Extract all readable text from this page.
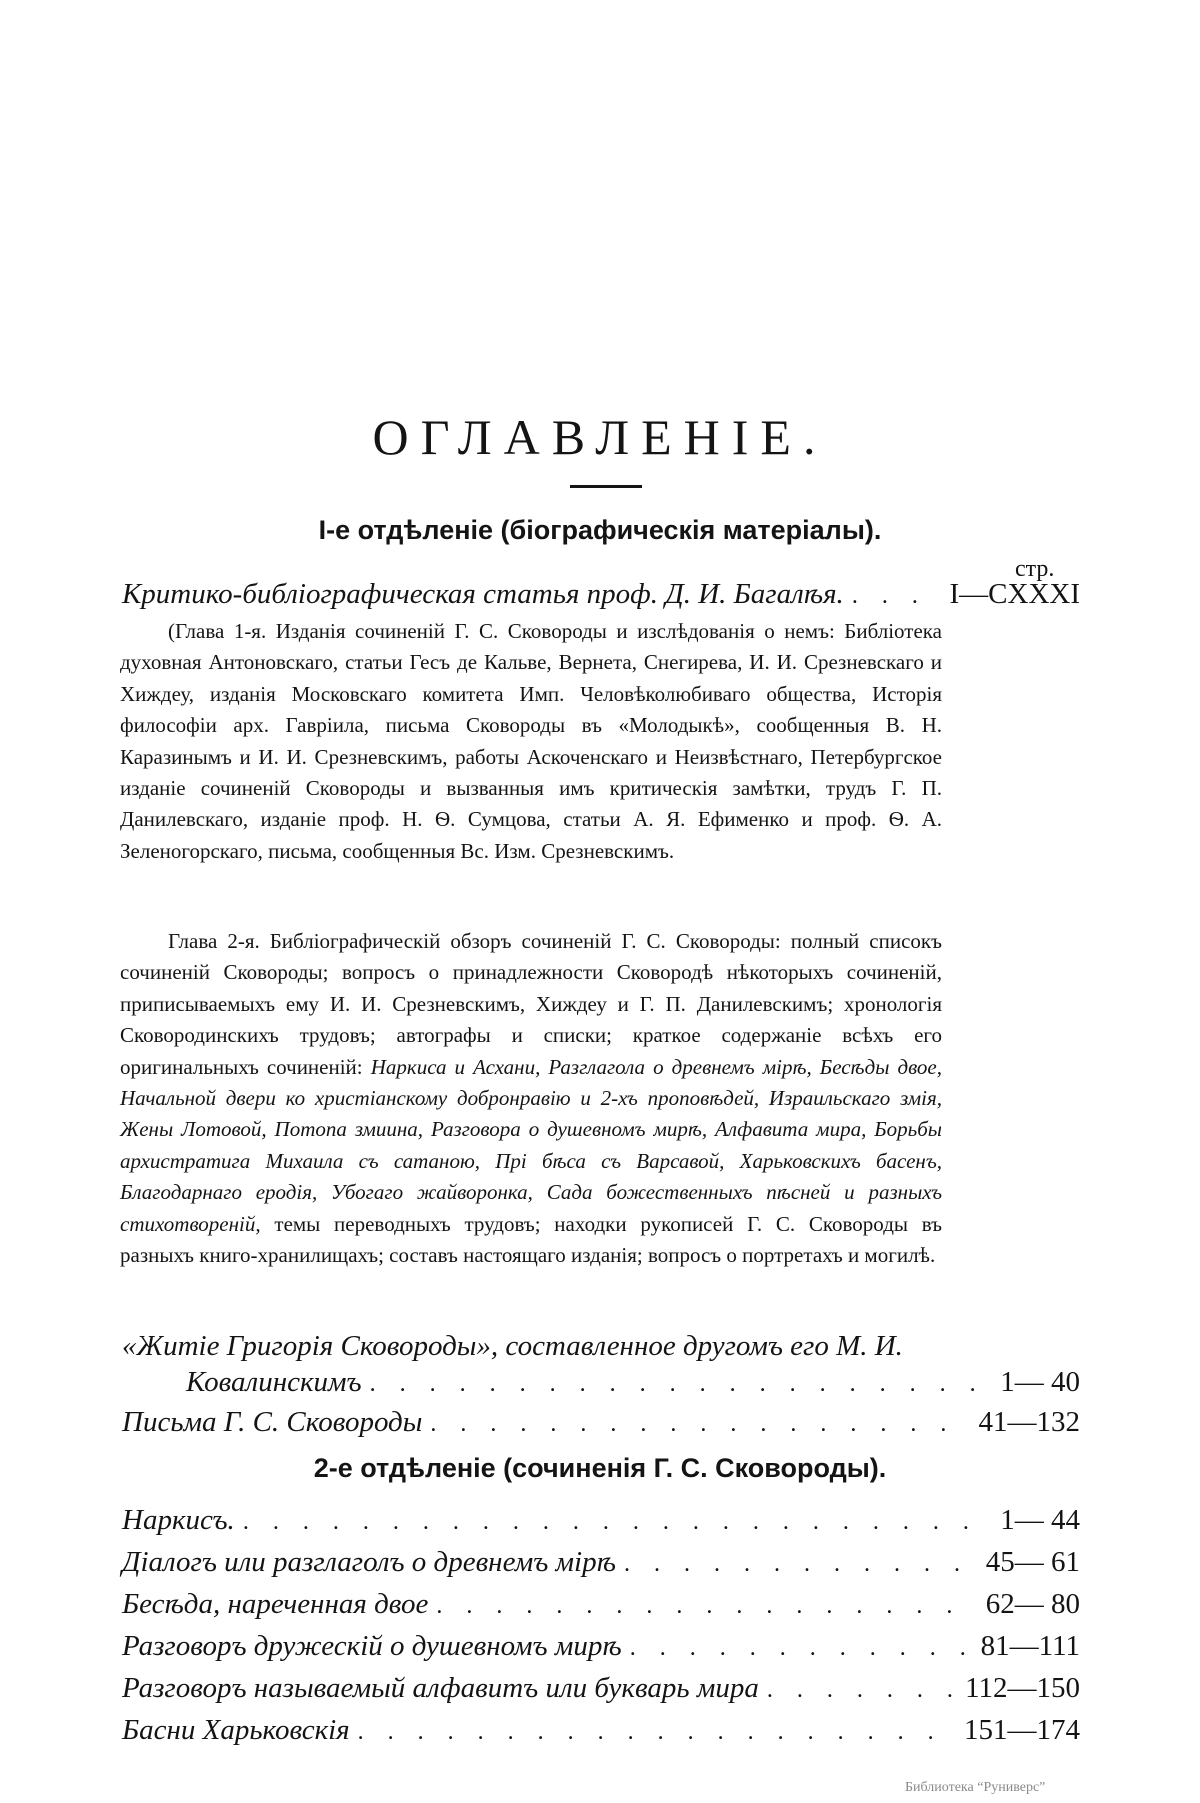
ОГЛАВЛЕНІЕ.
І-е отдѣленіе (біографическія матеріалы).
стр.
Критико-библіографическая статья проф. Д. И. Багалѣя. . . .	I—CXXXI

(Глава 1-я. Изданія сочиненій Г. С. Сковороды и изслѣдованія о немъ: Библіотека духовная Антоновскаго, статьи Гесъ де Кальве, Вернета, Снегирева, И. И. Срезневскаго и Хиждеу, изданія Московскаго комитета Имп. Человѣколюбиваго общества, Исторія философіи арх. Гавріила, письма Сковороды въ «Молодыкѣ», сообщенныя В. Н. Каразинымъ и И. И. Срезневскимъ, работы Аскоченскаго и Неизвѣстнаго, Петербургское изданіе сочиненій Сковороды и вызванныя имъ критическія замѣтки, трудъ Г. П. Данилевскаго, изданіе проф. Н. Ѳ. Сумцова, статьи А. Я. Ефименко и проф. Ѳ. А. Зеленогорскаго, письма, сообщенныя Вс. Изм. Срезневскимъ.

Глава 2-я. Библіографическій обзоръ сочиненій Г. С. Сковороды: полный списокъ сочиненій Сковороды; вопросъ о принадлежности Сковородѣ нѣкоторыхъ сочиненій, приписываемыхъ ему И. И. Срезневскимъ, Хиждеу и Г. П. Данилевскимъ; хронологія Сковородинскихъ трудовъ; автографы и списки; краткое содержаніе всѣхъ его оригинальныхъ сочиненій: Наркиса и Асхани, Разглагола о древнемъ мірѣ, Бесѣды двое, Начальной двери ко христіанскому добронравію и 2-хъ проповѣдей, Израильскаго змія, Жены Лотовой, Потопа змиина, Разговора о душевномъ мирѣ, Алфавита мира, Борьбы архистратига Михаила съ сатаною, Прі бѣса съ Варсавой, Харьковскихъ басенъ, Благодарнаго еродія, Убогаго жайворонка, Сада божественныхъ пѣсней и разныхъ стихотвореній, темы переводныхъ трудовъ; находки рукописей Г. С. Сковороды въ разныхъ книго-хранилищахъ; составъ настоящаго изданія; вопросъ о портретахъ и могилѣ.

«Житіе Григорія Сковороды», составленное другомъ его М. И.
Ковалинскимъ . . .	1— 40
Письма Г. С. Сковороды . . .	41—132
2-е отдѣленіе (сочиненія Г. С. Сковороды).
Наркисъ. . . .	1— 44
Діалогъ или разглаголъ о древнемъ мірѣ . . .	45— 61
Бесѣда, нареченная двое . . .	62— 80
Разговоръ дружескій о душевномъ мирѣ . . .	81—111
Разговоръ называемый алфавитъ или букварь мира . . .	112—150
Басни Харьковскія . . .	151—174
Библиотека “Руниверс”
